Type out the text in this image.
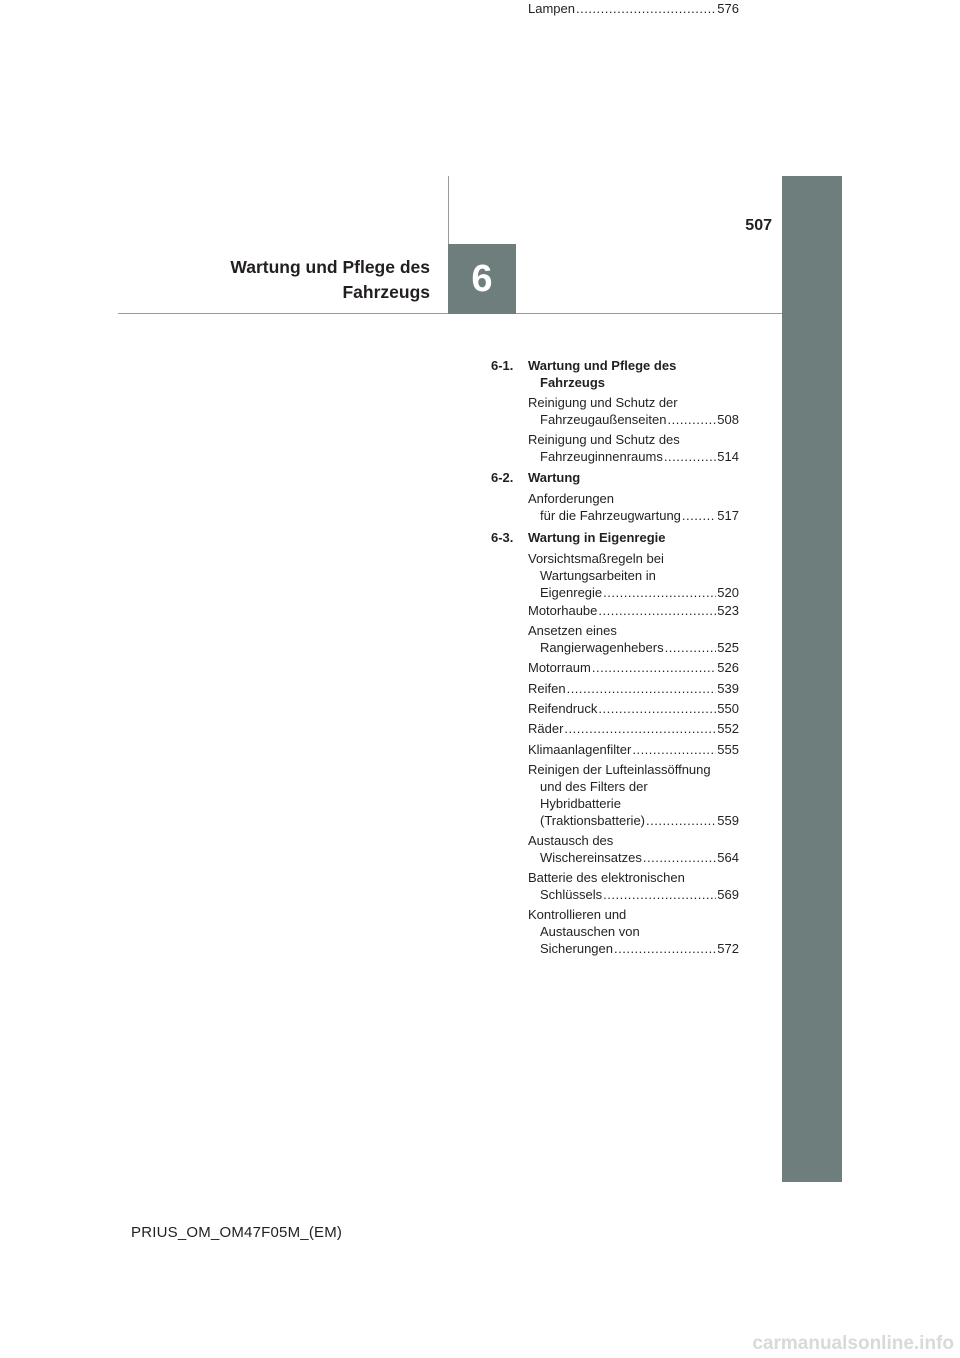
6
507
Wartung und Pflege des
Fahrzeugs
PRIUS_OM_OM47F05M_(EM)
6-1. Wartung und Pflege des
Fahrzeugs
Reinigung und Schutz der
Fahrzeugaußenseiten .....	508
Reinigung und Schutz des
Fahrzeuginnenraums .....	514
6-2. Wartung
Anforderungen
für die Fahrzeugwartung .....	517
6-3. Wartung in Eigenregie
Vorsichtsmaßregeln bei
Wartungsarbeiten in
Eigenregie .....	520
Motorhaube .....	523
Ansetzen eines
Rangierwagenhebers .....	525
Motorraum .....	526
Reifen .....	539
Reifendruck .....	550
Räder .....	552
Klimaanlagenfilter .....	555
Reinigen der Lufteinlassöffnung
und des Filters der
Hybridbatterie
(Traktionsbatterie) .....	559
Austausch des
Wischereinsatzes .....	564
Batterie des elektronischen
Schlüssels .....	569
Kontrollieren und
Austauschen von
Sicherungen .....	572
Lampen .....	576
carmanualsonline.info
